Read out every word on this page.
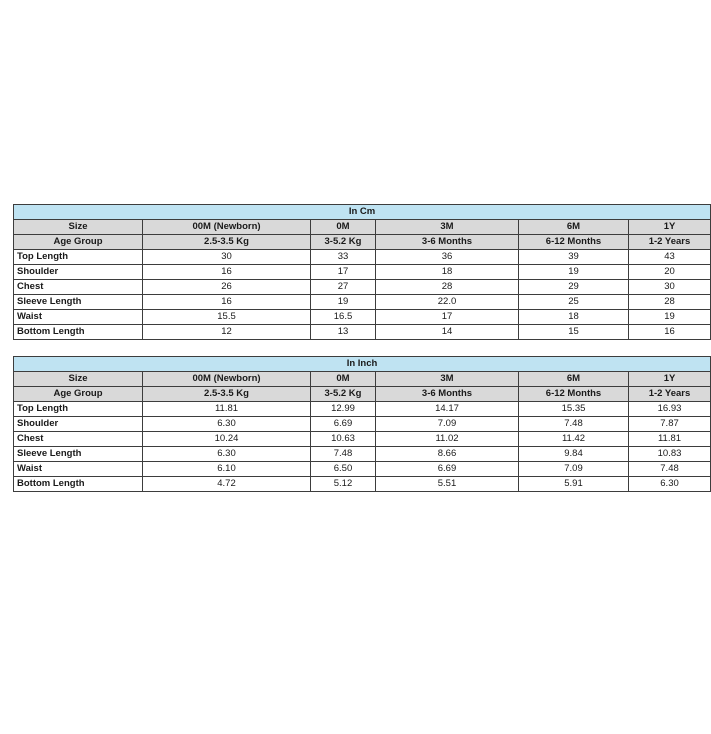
In Cm					
Size	00M (Newborn)	0M	3M	6M	1Y
Age Group	2.5-3.5 Kg	3-5.2 Kg	3-6 Months	6-12 Months	1-2 Years
Top Length	30	33	36	39	43
Shoulder	16	17	18	19	20
Chest	26	27	28	29	30
Sleeve Length	16	19	22.0	25	28
Waist	15.5	16.5	17	18	19
Bottom Length	12	13	14	15	16
In Inch					
Size	00M (Newborn)	0M	3M	6M	1Y
Age Group	2.5-3.5 Kg	3-5.2 Kg	3-6 Months	6-12 Months	1-2 Years
Top Length	11.81	12.99	14.17	15.35	16.93
Shoulder	6.30	6.69	7.09	7.48	7.87
Chest	10.24	10.63	11.02	11.42	11.81
Sleeve Length	6.30	7.48	8.66	9.84	10.83
Waist	6.10	6.50	6.69	7.09	7.48
Bottom Length	4.72	5.12	5.51	5.91	6.30
